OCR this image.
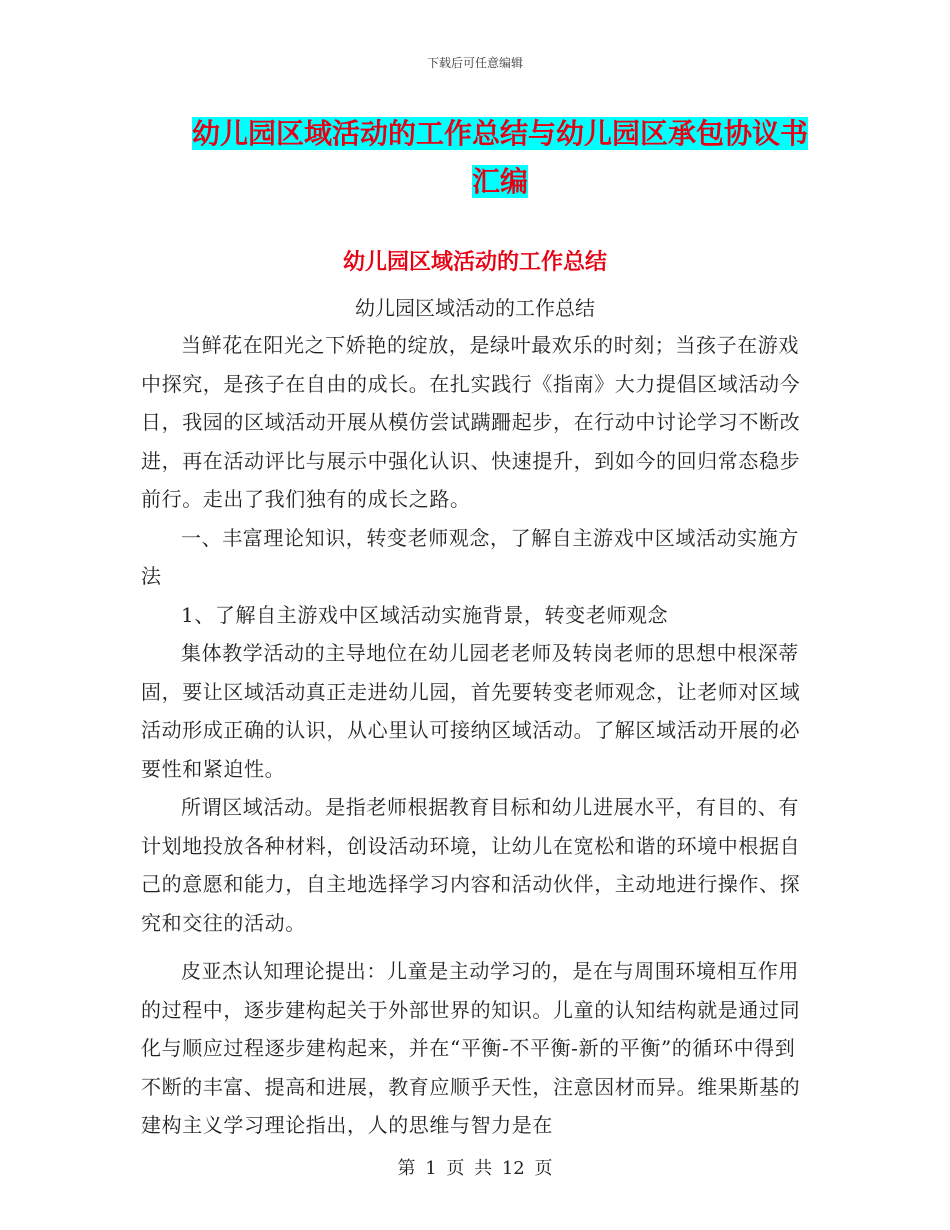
下载后可任意编辑
幼儿园区域活动的工作总结与幼儿园区承包协议书汇编
幼儿园区域活动的工作总结

幼儿园区域活动的工作总结

当鲜花在阳光之下娇艳的绽放，是绿叶最欢乐的时刻；当孩子在游戏中探究，是孩子在自由的成长。在扎实践行《指南》大力提倡区域活动今日，我园的区域活动开展从模仿尝试蹒跚起步，在行动中讨论学习不断改进，再在活动评比与展示中强化认识、快速提升，到如今的回归常态稳步前行。走出了我们独有的成长之路。

一、丰富理论知识，转变老师观念，了解自主游戏中区域活动实施方法

1、了解自主游戏中区域活动实施背景，转变老师观念

集体教学活动的主导地位在幼儿园老老师及转岗老师的思想中根深蒂固，要让区域活动真正走进幼儿园，首先要转变老师观念，让老师对区域活动形成正确的认识，从心里认可接纳区域活动。了解区域活动开展的必要性和紧迫性。

所谓区域活动。是指老师根据教育目标和幼儿进展水平，有目的、有计划地投放各种材料，创设活动环境，让幼儿在宽松和谐的环境中根据自己的意愿和能力，自主地选择学习内容和活动伙伴，主动地进行操作、探究和交往的活动。

皮亚杰认知理论提出：儿童是主动学习的，是在与周围环境相互作用的过程中，逐步建构起关于外部世界的知识。儿童的认知结构就是通过同化与顺应过程逐步建构起来，并在“平衡-不平衡-新的平衡”的循环中得到不断的丰富、提高和进展，教育应顺乎天性，注意因材而异。维果斯基的建构主义学习理论指出，人的思维与智力是在

第 1 页 共 12 页
